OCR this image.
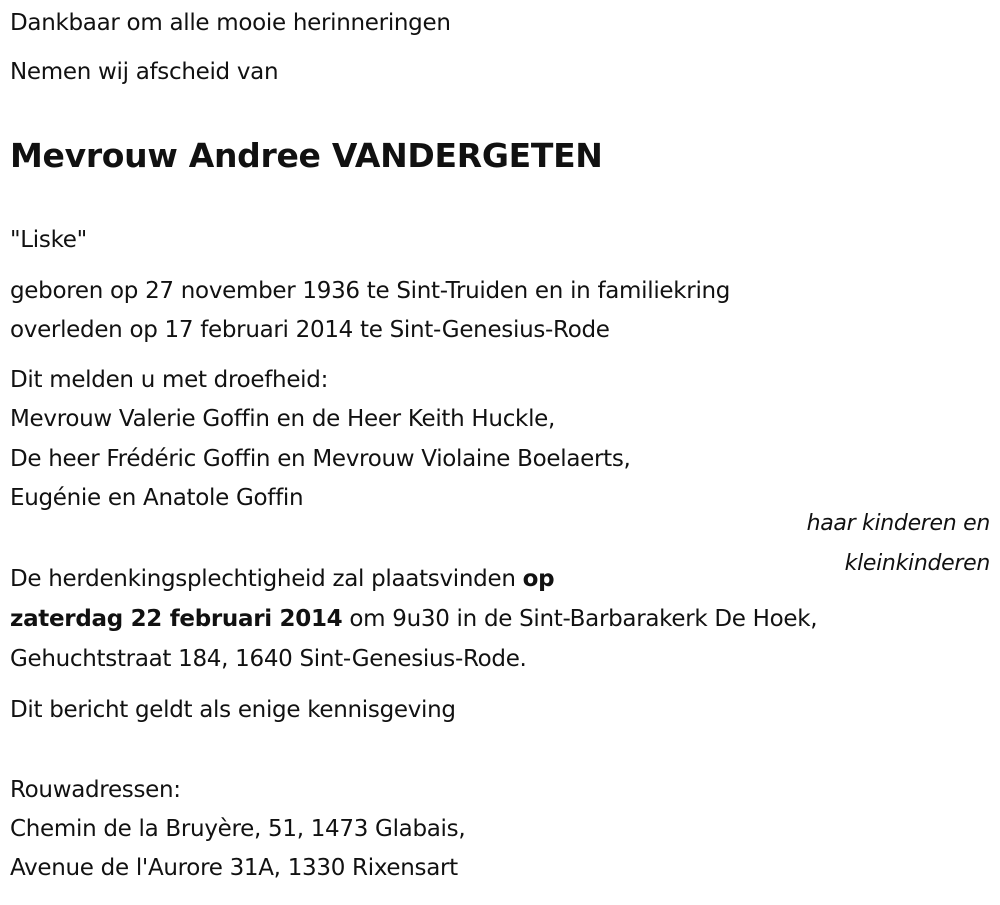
Dankbaar om alle mooie herinneringen
Nemen wij afscheid van
Mevrouw Andree VANDERGETEN
"Liske"
geboren op 27 november 1936 te Sint-Truiden en in familiekring
overleden op 17 februari 2014 te Sint-Genesius-Rode
Dit melden u met droefheid:
Mevrouw Valerie Goffin en de Heer Keith Huckle,
De heer Frédéric Goffin en Mevrouw Violaine Boelaerts,
Eugénie en Anatole Goffin
haar kinderen en
kleinkinderen
De herdenkingsplechtigheid zal plaatsvinden op
zaterdag 22 februari 2014 om 9u30 in de Sint-Barbarakerk De Hoek,
Gehuchtstraat 184, 1640 Sint-Genesius-Rode.
Dit bericht geldt als enige kennisgeving
Rouwadressen:
Chemin de la Bruyère, 51, 1473 Glabais,
Avenue de l'Aurore 31A, 1330 Rixensart
